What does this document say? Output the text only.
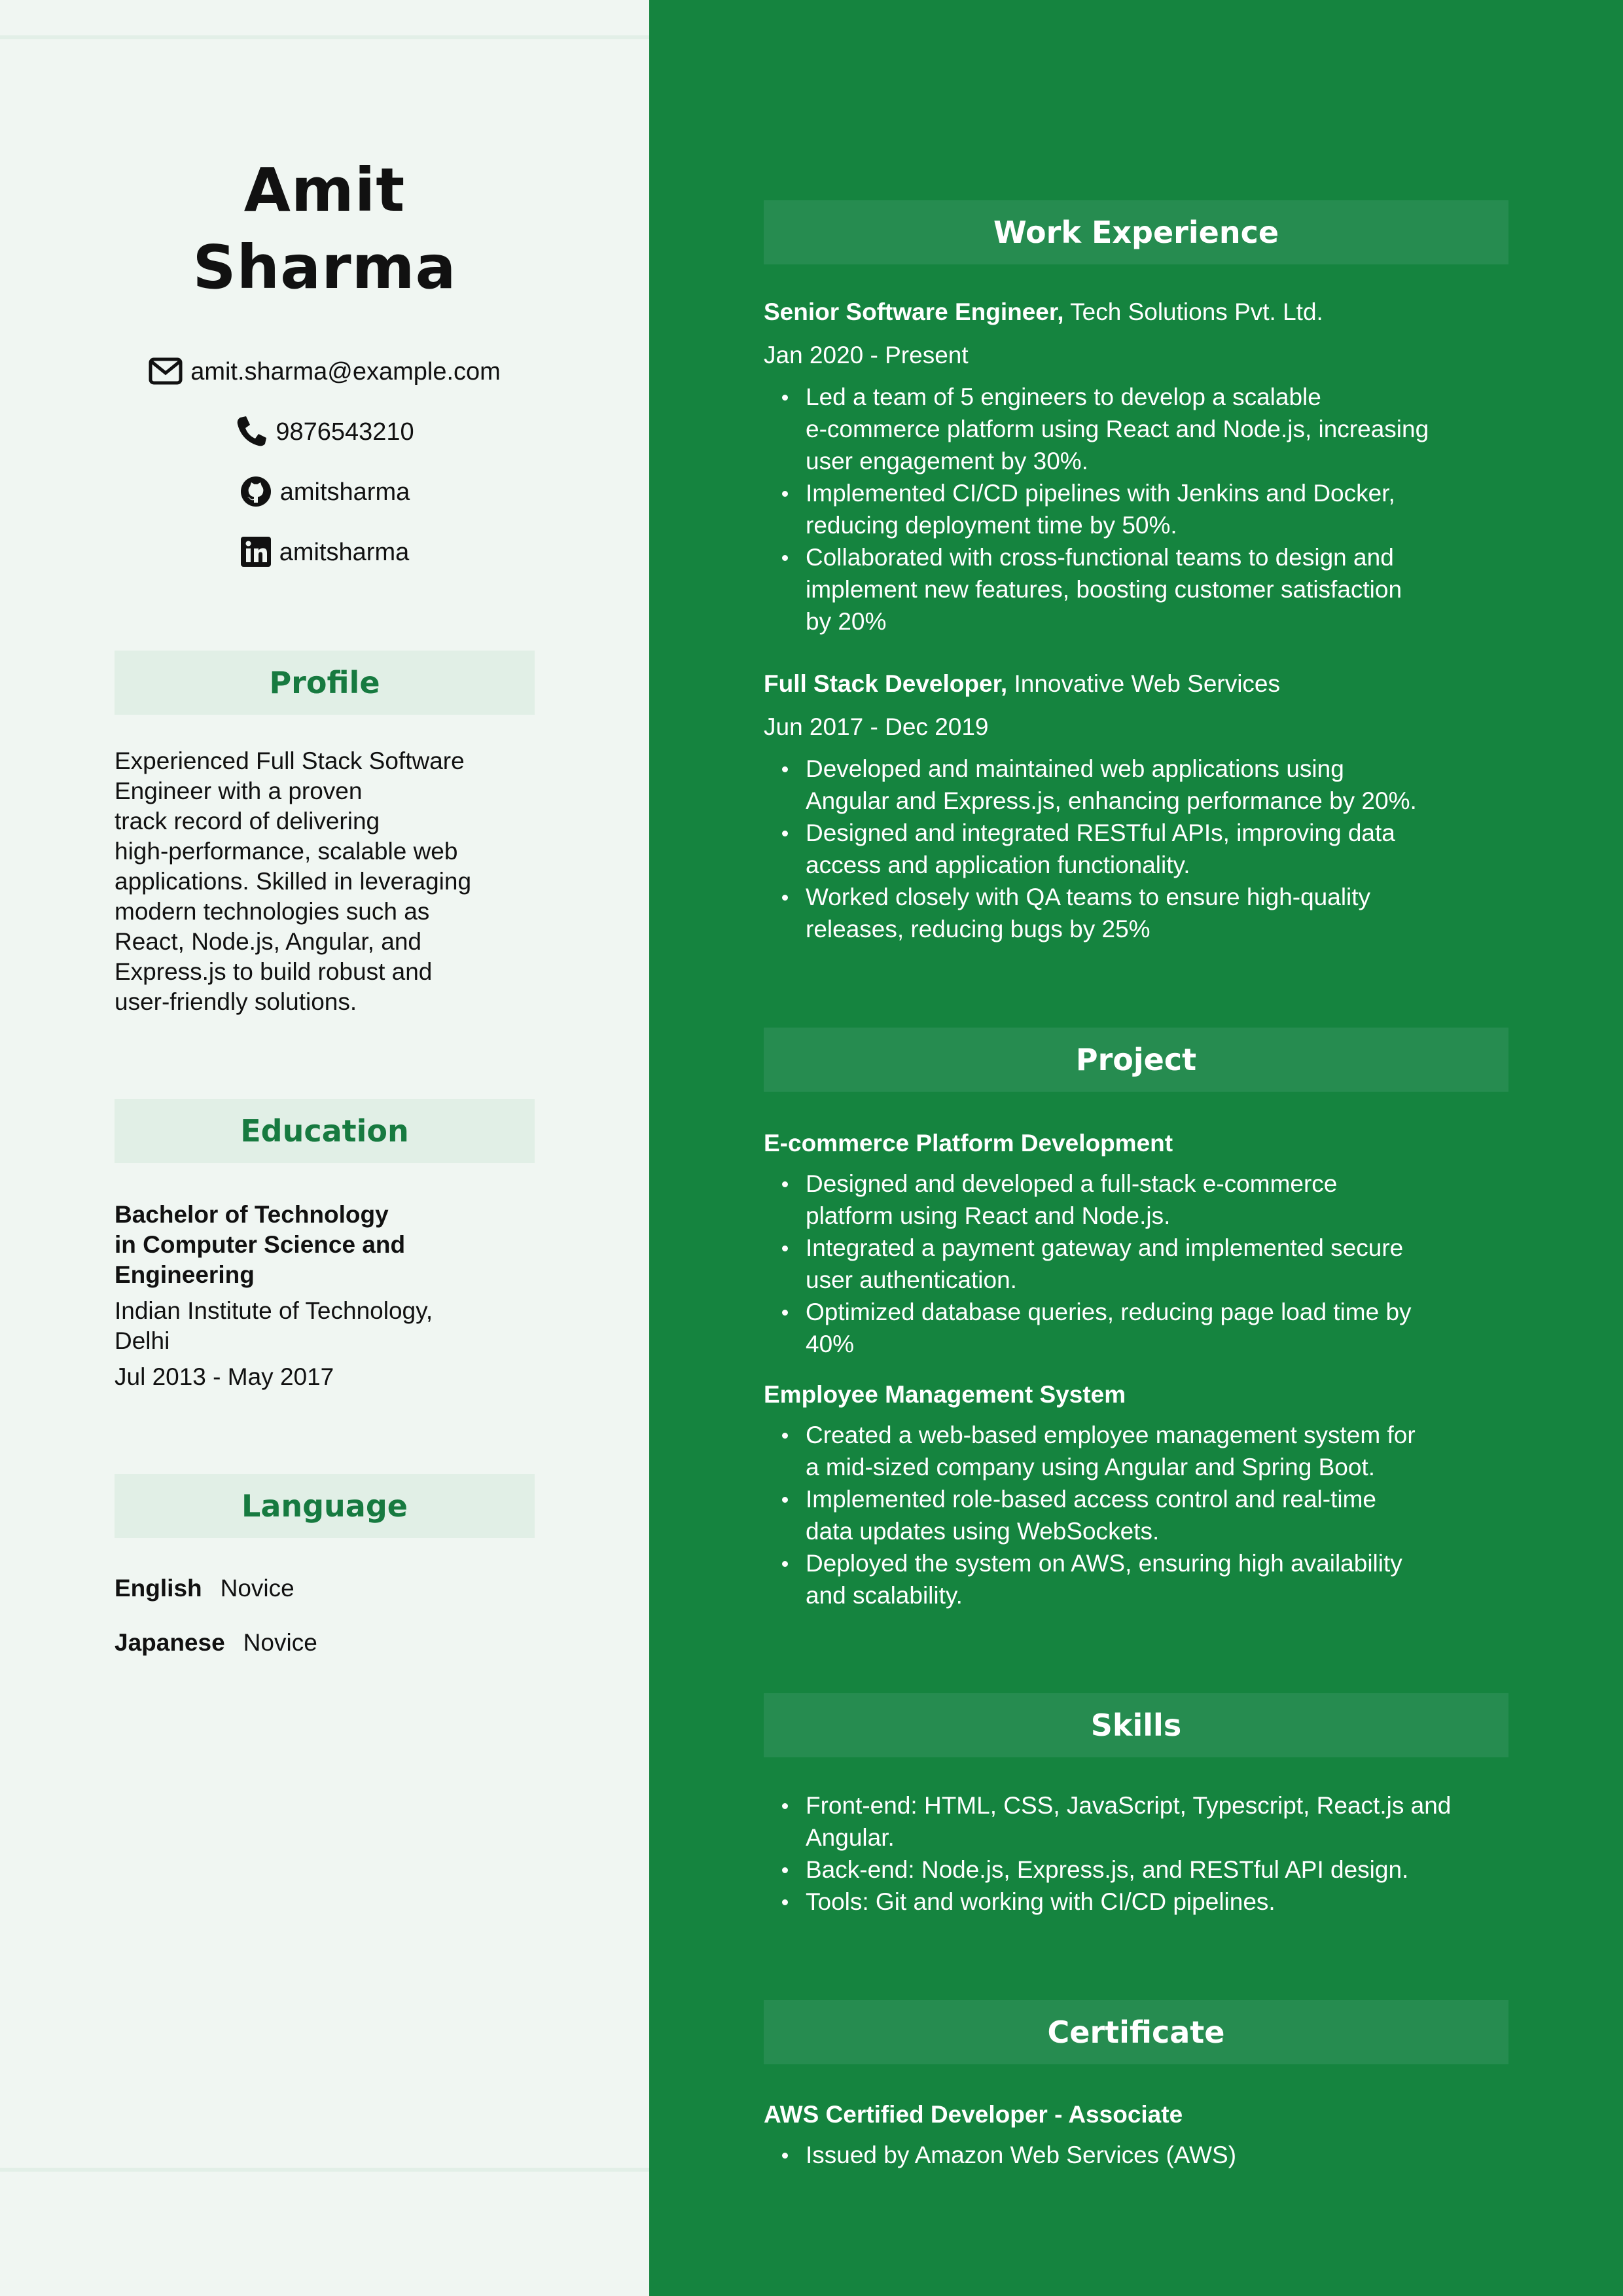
Amit
Sharma
amit.sharma@example.com
9876543210
amitsharma
amitsharma
Profile
Experienced Full Stack Software
Engineer with a proven
track record of delivering
high-performance, scalable web
applications. Skilled in leveraging
modern technologies such as
React, Node.js, Angular, and
Express.js to build robust and
user-friendly solutions.
Education
Bachelor of Technology
in Computer Science and
Engineering
Indian Institute of Technology,
Delhi
Jul 2013 - May 2017
Language
English Novice
Japanese Novice
Work Experience
Senior Software Engineer, Tech Solutions Pvt. Ltd.
Jan 2020 - Present
Led a team of 5 engineers to develop a scalable
e-commerce platform using React and Node.js, increasing
user engagement by 30%.
Implemented CI/CD pipelines with Jenkins and Docker,
reducing deployment time by 50%.
Collaborated with cross-functional teams to design and
implement new features, boosting customer satisfaction
by 20%
Full Stack Developer, Innovative Web Services
Jun 2017 - Dec 2019
Developed and maintained web applications using
Angular and Express.js, enhancing performance by 20%.
Designed and integrated RESTful APIs, improving data
access and application functionality.
Worked closely with QA teams to ensure high-quality
releases, reducing bugs by 25%
Project
E-commerce Platform Development
Designed and developed a full-stack e-commerce
platform using React and Node.js.
Integrated a payment gateway and implemented secure
user authentication.
Optimized database queries, reducing page load time by
40%
Employee Management System
Created a web-based employee management system for
a mid-sized company using Angular and Spring Boot.
Implemented role-based access control and real-time
data updates using WebSockets.
Deployed the system on AWS, ensuring high availability
and scalability.
Skills
Front-end: HTML, CSS, JavaScript, Typescript, React.js and
Angular.
Back-end: Node.js, Express.js, and RESTful API design.
Tools: Git and working with CI/CD pipelines.
Certificate
AWS Certified Developer - Associate
Issued by Amazon Web Services (AWS)
